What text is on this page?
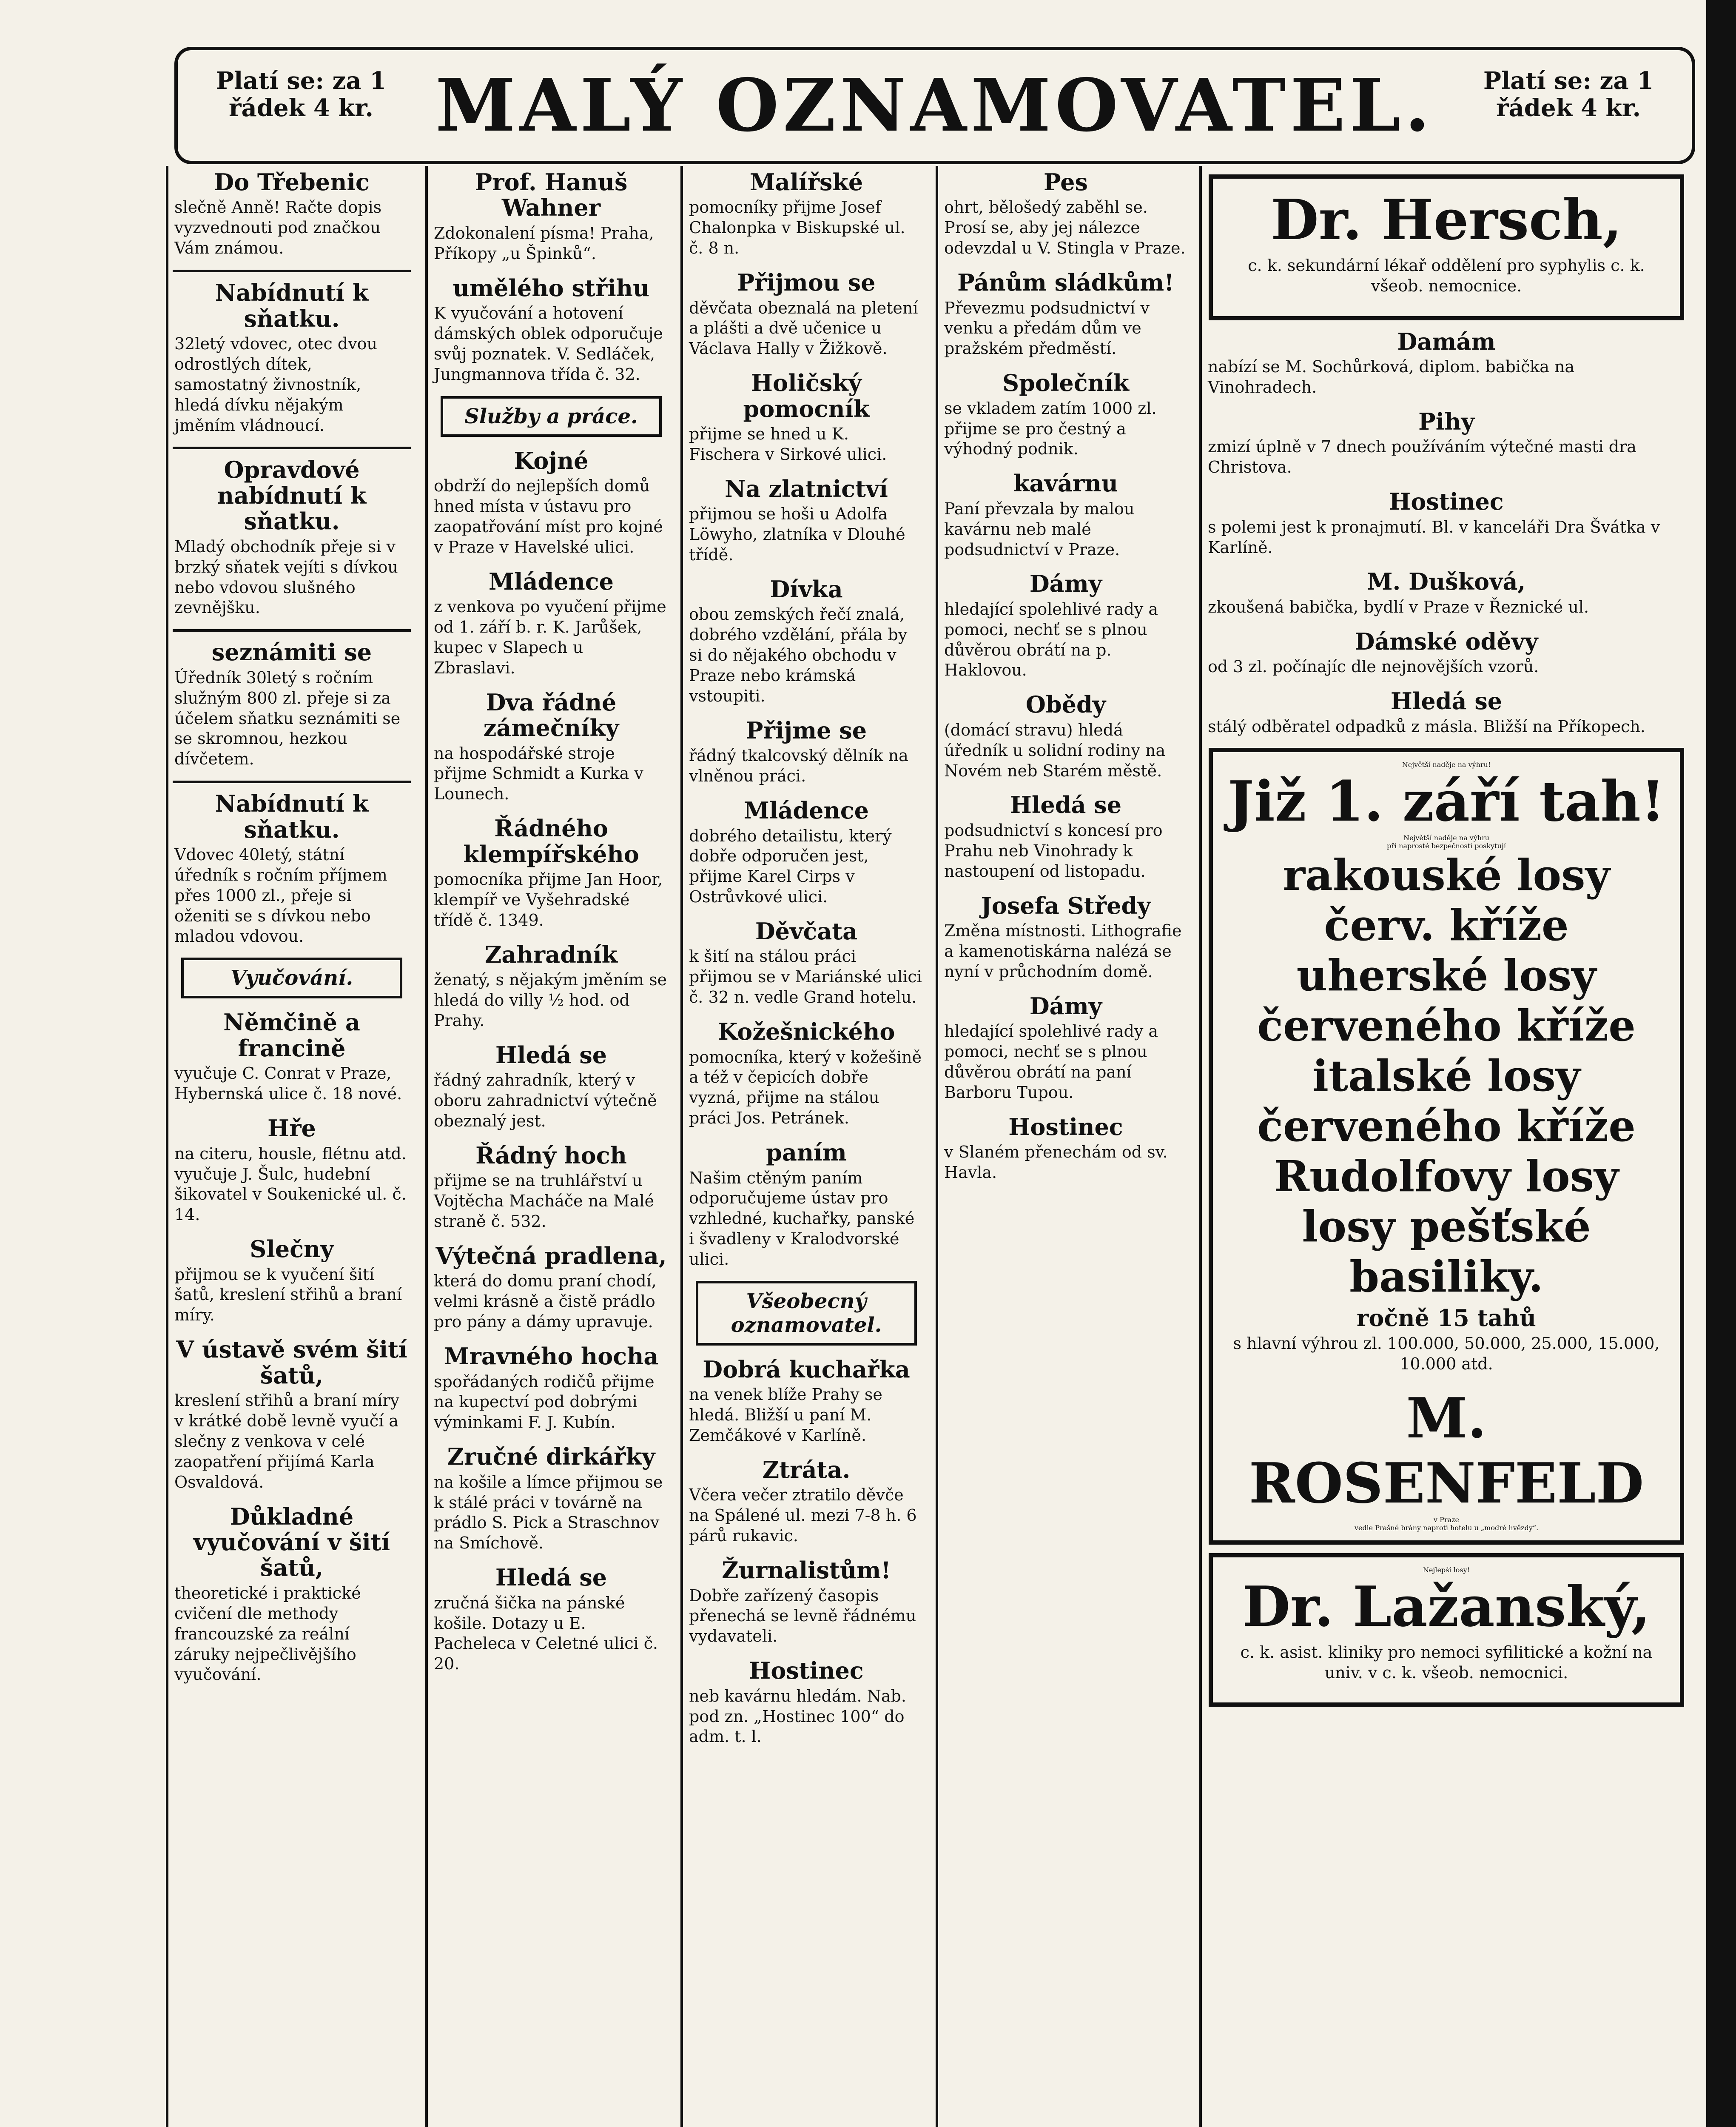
Platí se: za 1 řádek 4 kr. MALÝ OZNAMOVATEL.	Platí se: za 1 řádek 4 kr.
Do Třebenic

slečně Anně! Račte dopis vyzvednouti pod značkou Vám známou.

Nabídnutí k sňatku.

32letý vdovec, otec dvou odrostlých dítek, samostatný živnostník, hledá dívku nějakým jměním vládnoucí.

Opravdové nabídnutí k sňatku.

Mladý obchodník přeje si v brzký sňatek vejíti s dívkou nebo vdovou slušného zevnějšku.

seznámiti se

Úředník 30letý s ročním služným 800 zl. přeje si za účelem sňatku seznámiti se se skromnou, hezkou dívčetem.

Nabídnutí k sňatku.

Vdovec 40letý, státní úředník s ročním příjmem přes 1000 zl., přeje si oženiti se s dívkou nebo mladou vdovou.

Vyučování.
Němčině a francině

vyučuje C. Conrat v Praze, Hybernská ulice č. 18 nové.

Hře

na citeru, housle, flétnu atd. vyučuje J. Šulc, hudební šikovatel v Soukenické ul. č. 14.

Slečny

přijmou se k vyučení šití šatů, kreslení střihů a braní míry.

V ústavě svém šití šatů,

kreslení střihů a braní míry v krátké době levně vyučí a slečny z venkova v celé zaopatření přijímá Karla Osvaldová.

Důkladné vyučování v šití šatů,

theoretické i praktické cvičení dle methody francouzské za reální záruky nejpečlivějšího vyučování.

Prof. Hanuš Wahner

Zdokonalení písma! Praha, Příkopy „u Špinků“.

umělého střihu

K vyučování a hotovení dámských oblek odporučuje svůj poznatek. V. Sedláček, Jungmannova třída č. 32.

Služby a práce.
Kojné

obdrží do nejlepších domů hned místa v ústavu pro zaopatřování míst pro kojné v Praze v Havelské ulici.

Mládence

z venkova po vyučení přijme od 1. září b. r. K. Jarůšek, kupec v Slapech u Zbraslavi.

Dva řádné zámečníky

na hospodářské stroje přijme Schmidt a Kurka v Lounech.

Řádného klempířského

pomocníka přijme Jan Hoor, klempíř ve Vyšehradské třídě č. 1349.

Zahradník

ženatý, s nějakým jměním se hledá do villy ½ hod. od Prahy.

Hledá se

řádný zahradník, který v oboru zahradnictví výtečně obeznalý jest.

Řádný hoch

přijme se na truhlářství u Vojtěcha Macháče na Malé straně č. 532.

Výtečná pradlena,

která do domu praní chodí, velmi krásně a čistě prádlo pro pány a dámy upravuje.

Mravného hocha

spořádaných rodičů přijme na kupectví pod dobrými výminkami F. J. Kubín.

Zručné dirkářky

na košile a límce přijmou se k stálé práci v továrně na prádlo S. Pick a Straschnov na Smíchově.

Hledá se

zručná šička na pánské košile. Dotazy u E. Pacheleca v Celetné ulici č. 20.

Malířské

pomocníky přijme Josef Chalonpka v Biskupské ul. č. 8 n.

Přijmou se

děvčata obeznalá na pletení a plášti a dvě učenice u Václava Hally v Žižkově.

Holičský pomocník

přijme se hned u K. Fischera v Sirkové ulici.

Na zlatnictví

přijmou se hoši u Adolfa Löwyho, zlatníka v Dlouhé třídě.

Dívka

obou zemských řečí znalá, dobrého vzdělání, přála by si do nějakého obchodu v Praze nebo krámská vstoupiti.

Přijme se

řádný tkalcovský dělník na vlněnou práci.

Mládence

dobrého detailistu, který dobře odporučen jest, přijme Karel Cirps v Ostrůvkové ulici.

Děvčata

k šití na stálou práci přijmou se v Mariánské ulici č. 32 n. vedle Grand hotelu.

Kožešnického

pomocníka, který v kožešině a též v čepicích dobře vyzná, přijme na stálou práci Jos. Petránek.

paním

Našim ctěným paním odporučujeme ústav pro vzhledné, kuchařky, panské i švadleny v Kralodvorské ulici.

Všeobecný oznamovatel.
Dobrá kuchařka

na venek blíže Prahy se hledá. Bližší u paní M. Zemčákové v Karlíně.

Ztráta.

Včera večer ztratilo děvče na Spálené ul. mezi 7-8 h. 6 párů rukavic.

Žurnalistům!

Dobře zařízený časopis přenechá se levně řádnému vydavateli.

Hostinec

neb kavárnu hledám. Nab. pod zn. „Hostinec 100“ do adm. t. l.

Pes

ohrt, bělošedý zaběhl se. Prosí se, aby jej nálezce odevzdal u V. Stingla v Praze.

Pánům sládkům!

Převezmu podsudnictví v venku a předám dům ve pražském předměstí.

Společník

se vkladem zatím 1000 zl. přijme se pro čestný a výhodný podnik.

kavárnu

Paní převzala by malou kavárnu neb malé podsudnictví v Praze.

Dámy

hledající spolehlivé rady a pomoci, nechť se s plnou důvěrou obrátí na p. Haklovou.

Obědy

(domácí stravu) hledá úředník u solidní rodiny na Novém neb Starém městě.

Hledá se

podsudnictví s koncesí pro Prahu neb Vinohrady k nastoupení od listopadu.

Josefa Středy

Změna místnosti. Lithografie a kamenotiskárna nalézá se nyní v průchodním domě.

Dámy

hledající spolehlivé rady a pomoci, nechť se s plnou důvěrou obrátí na paní Barboru Tupou.

Hostinec

v Slaném přenechám od sv. Havla.

Dr. Hersch,

c. k. sekundární lékař oddělení pro syphylis c. k. všeob. nemocnice.

Damám

nabízí se M. Sochůrková, diplom. babička na Vinohradech.

Pihy

zmizí úplně v 7 dnech používáním výtečné masti dra Christova.

Hostinec

s polemi jest k pronajmutí. Bl. v kanceláři Dra Švátka v Karlíně.

M. Dušková,

zkoušená babička, bydlí v Praze v Řeznické ul.

Dámské oděvy

od 3 zl. počínajíc dle nejnovějších vzorů.

Hledá se

stálý odběratel odpadků z másla. Bližší na Příkopech.

Největší naděje na výhru!
Již 1. září tah!
Největší naděje na výhru
při naprosté bezpečnosti poskytují
rakouské losy červ. kříže
uherské losy červeného kříže
italské losy červeného kříže
Rudolfovy losy
losy pešťské basiliky.
ročně 15 tahů

s hlavní výhrou zl. 100.000, 50.000, 25.000, 15.000, 10.000 atd.

M. ROSENFELD
v Praze
vedle Prašné brány naproti hotelu u „modré hvězdy“.
Nejlepší losy!
Dr. Lažanský,

c. k. asist. kliniky pro nemoci syfilitické a kožní na univ. v c. k. všeob. nemocnici.
